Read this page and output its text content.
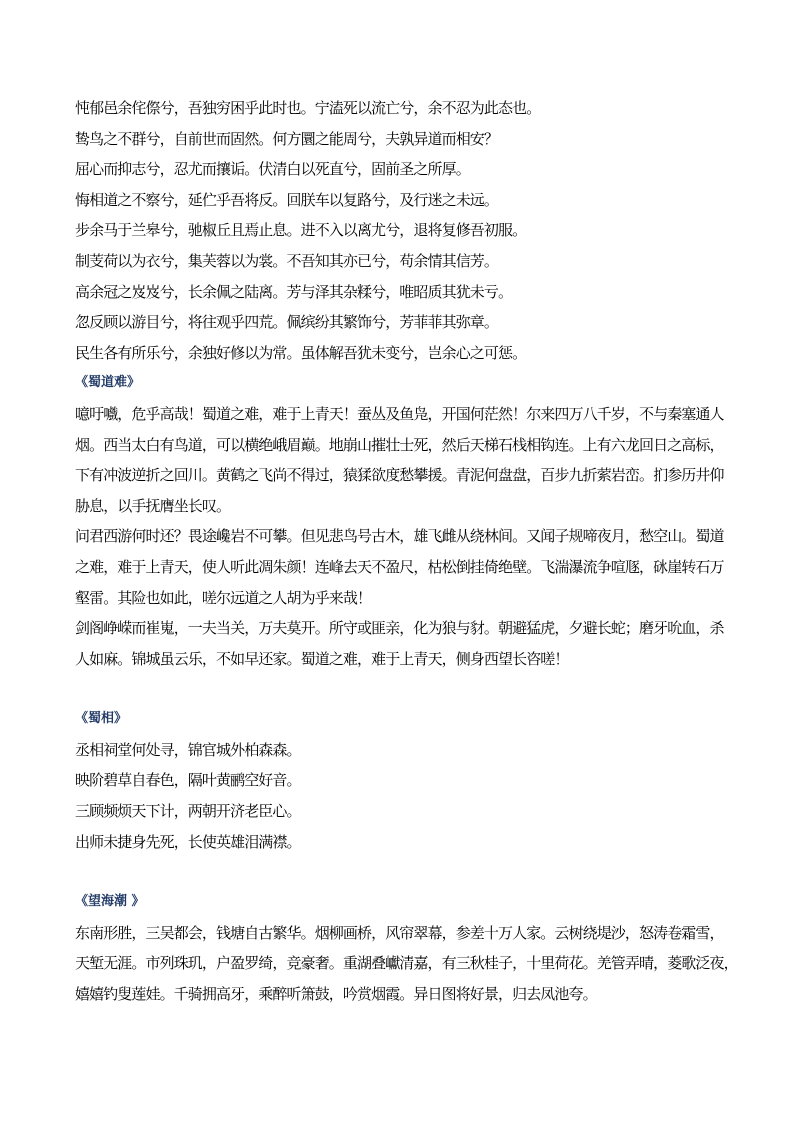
忳郁邑余侘傺兮，吾独穷困乎此时也。宁溘死以流亡兮，余不忍为此态也。
鸷鸟之不群兮，自前世而固然。何方圜之能周兮，夫孰异道而相安？
屈心而抑志兮，忍尤而攘诟。伏清白以死直兮，固前圣之所厚。
悔相道之不察兮，延伫乎吾将反。回朕车以复路兮，及行迷之未远。
步余马于兰皋兮，驰椒丘且焉止息。进不入以离尤兮，退将复修吾初服。
制芰荷以为衣兮，集芙蓉以为裳。不吾知其亦已兮，苟余情其信芳。
高余冠之岌岌兮，长余佩之陆离。芳与泽其杂糅兮，唯昭质其犹未亏。
忽反顾以游目兮，将往观乎四荒。佩缤纷其繁饰兮，芳菲菲其弥章。
民生各有所乐兮，余独好修以为常。虽体解吾犹未变兮，岂余心之可惩。
《蜀道难》
噫吁嚱，危乎高哉！蜀道之难，难于上青天！蚕丛及鱼凫，开国何茫然！尔来四万八千岁，不与秦塞通人
烟。西当太白有鸟道，可以横绝峨眉巅。地崩山摧壮士死，然后天梯石栈相钩连。上有六龙回日之高标，
下有冲波逆折之回川。黄鹤之飞尚不得过，猿猱欲度愁攀援。青泥何盘盘，百步九折萦岩峦。扪参历井仰
胁息，以手抚膺坐长叹。
问君西游何时还？畏途巉岩不可攀。但见悲鸟号古木，雄飞雌从绕林间。又闻子规啼夜月，愁空山。蜀道
之难，难于上青天，使人听此凋朱颜！连峰去天不盈尺，枯松倒挂倚绝壁。飞湍瀑流争喧豗，砯崖转石万
壑雷。其险也如此，嗟尔远道之人胡为乎来哉！
剑阁峥嵘而崔嵬，一夫当关，万夫莫开。所守或匪亲，化为狼与豺。朝避猛虎，夕避长蛇；磨牙吮血，杀
人如麻。锦城虽云乐，不如早还家。蜀道之难，难于上青天，侧身西望长咨嗟！
《蜀相》
丞相祠堂何处寻，锦官城外柏森森。
映阶碧草自春色，隔叶黄鹂空好音。
三顾频烦天下计，两朝开济老臣心。
出师未捷身先死，长使英雄泪满襟。
《望海潮 》
东南形胜，三吴都会，钱塘自古繁华。烟柳画桥，风帘翠幕，参差十万人家。云树绕堤沙，怒涛卷霜雪，
天堑无涯。市列珠玑，户盈罗绮，竞豪奢。重湖叠巘清嘉，有三秋桂子，十里荷花。羌管弄晴，菱歌泛夜，
嬉嬉钓叟莲娃。千骑拥高牙，乘醉听箫鼓，吟赏烟霞。异日图将好景，归去凤池夸。
